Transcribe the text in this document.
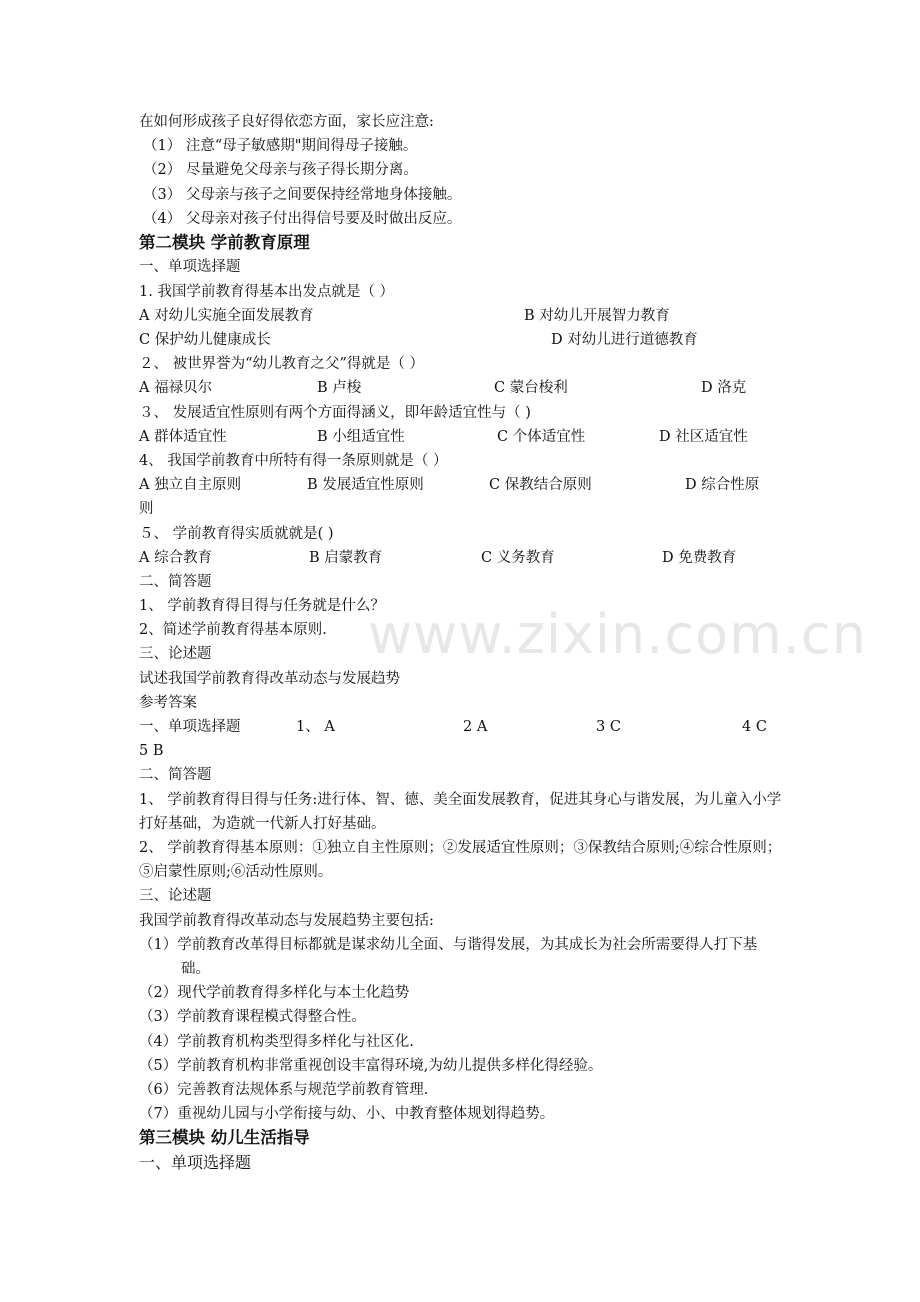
在如何形成孩子良好得依恋方面，家长应注意:
（1） 注意“母子敏感期"期间得母子接触。
（2） 尽量避免父母亲与孩子得长期分离。
（3） 父母亲与孩子之间要保持经常地身体接触。
（4） 父母亲对孩子付出得信号要及时做出反应。
第二模块 学前教育原理
一、单项选择题
1. 我国学前教育得基本出发点就是（ ）
A 对幼儿实施全面发展教育	B 对幼儿开展智力教育
C 保护幼儿健康成长	D 对幼儿进行道德教育
２、 被世界誉为“幼儿教育之父”得就是（ ）
A 福禄贝尔	B 卢梭	C 蒙台梭利	D 洛克
３、 发展适宜性原则有两个方面得涵义，即年龄适宜性与（ )
A 群体适宜性	B 小组适宜性	C 个体适宜性	D 社区适宜性
4、 我国学前教育中所特有得一条原则就是（ ）
A 独立自主原则	B 发展适宜性原则	C 保教结合原则	D 综合性原
则
５、 学前教育得实质就就是( )
A 综合教育	B 启蒙教育	C 义务教育	D 免费教育
二、简答题
1、 学前教育得目得与任务就是什么？
2、简述学前教育得基本原则.
三、论述题
试述我国学前教育得改革动态与发展趋势
参考答案
一、单项选择题	1、 A	2 A	3 C	4 C
5 B
二、简答题
1、 学前教育得目得与任务:进行体、智、德、美全面发展教育，促进其身心与谐发展，为儿童入小学打好基础，为造就一代新人打好基础。
2、 学前教育得基本原则：①独立自主性原则；②发展适宜性原则；③保教结合原则;④综合性原则；⑤启蒙性原则;⑥活动性原则。
三、论述题
我国学前教育得改革动态与发展趋势主要包括:
（1）学前教育改革得目标都就是谋求幼儿全面、与谐得发展，为其成长为社会所需要得人打下基础。
（2）现代学前教育得多样化与本土化趋势
（3）学前教育课程模式得整合性。
（4）学前教育机构类型得多样化与社区化.
（5）学前教育机构非常重视创设丰富得环境,为幼儿提供多样化得经验。
（6）完善教育法规体系与规范学前教育管理.
（7）重视幼儿园与小学衔接与幼、小、中教育整体规划得趋势。
第三模块 幼儿生活指导
一、单项选择题
www.zixin.com.cn
